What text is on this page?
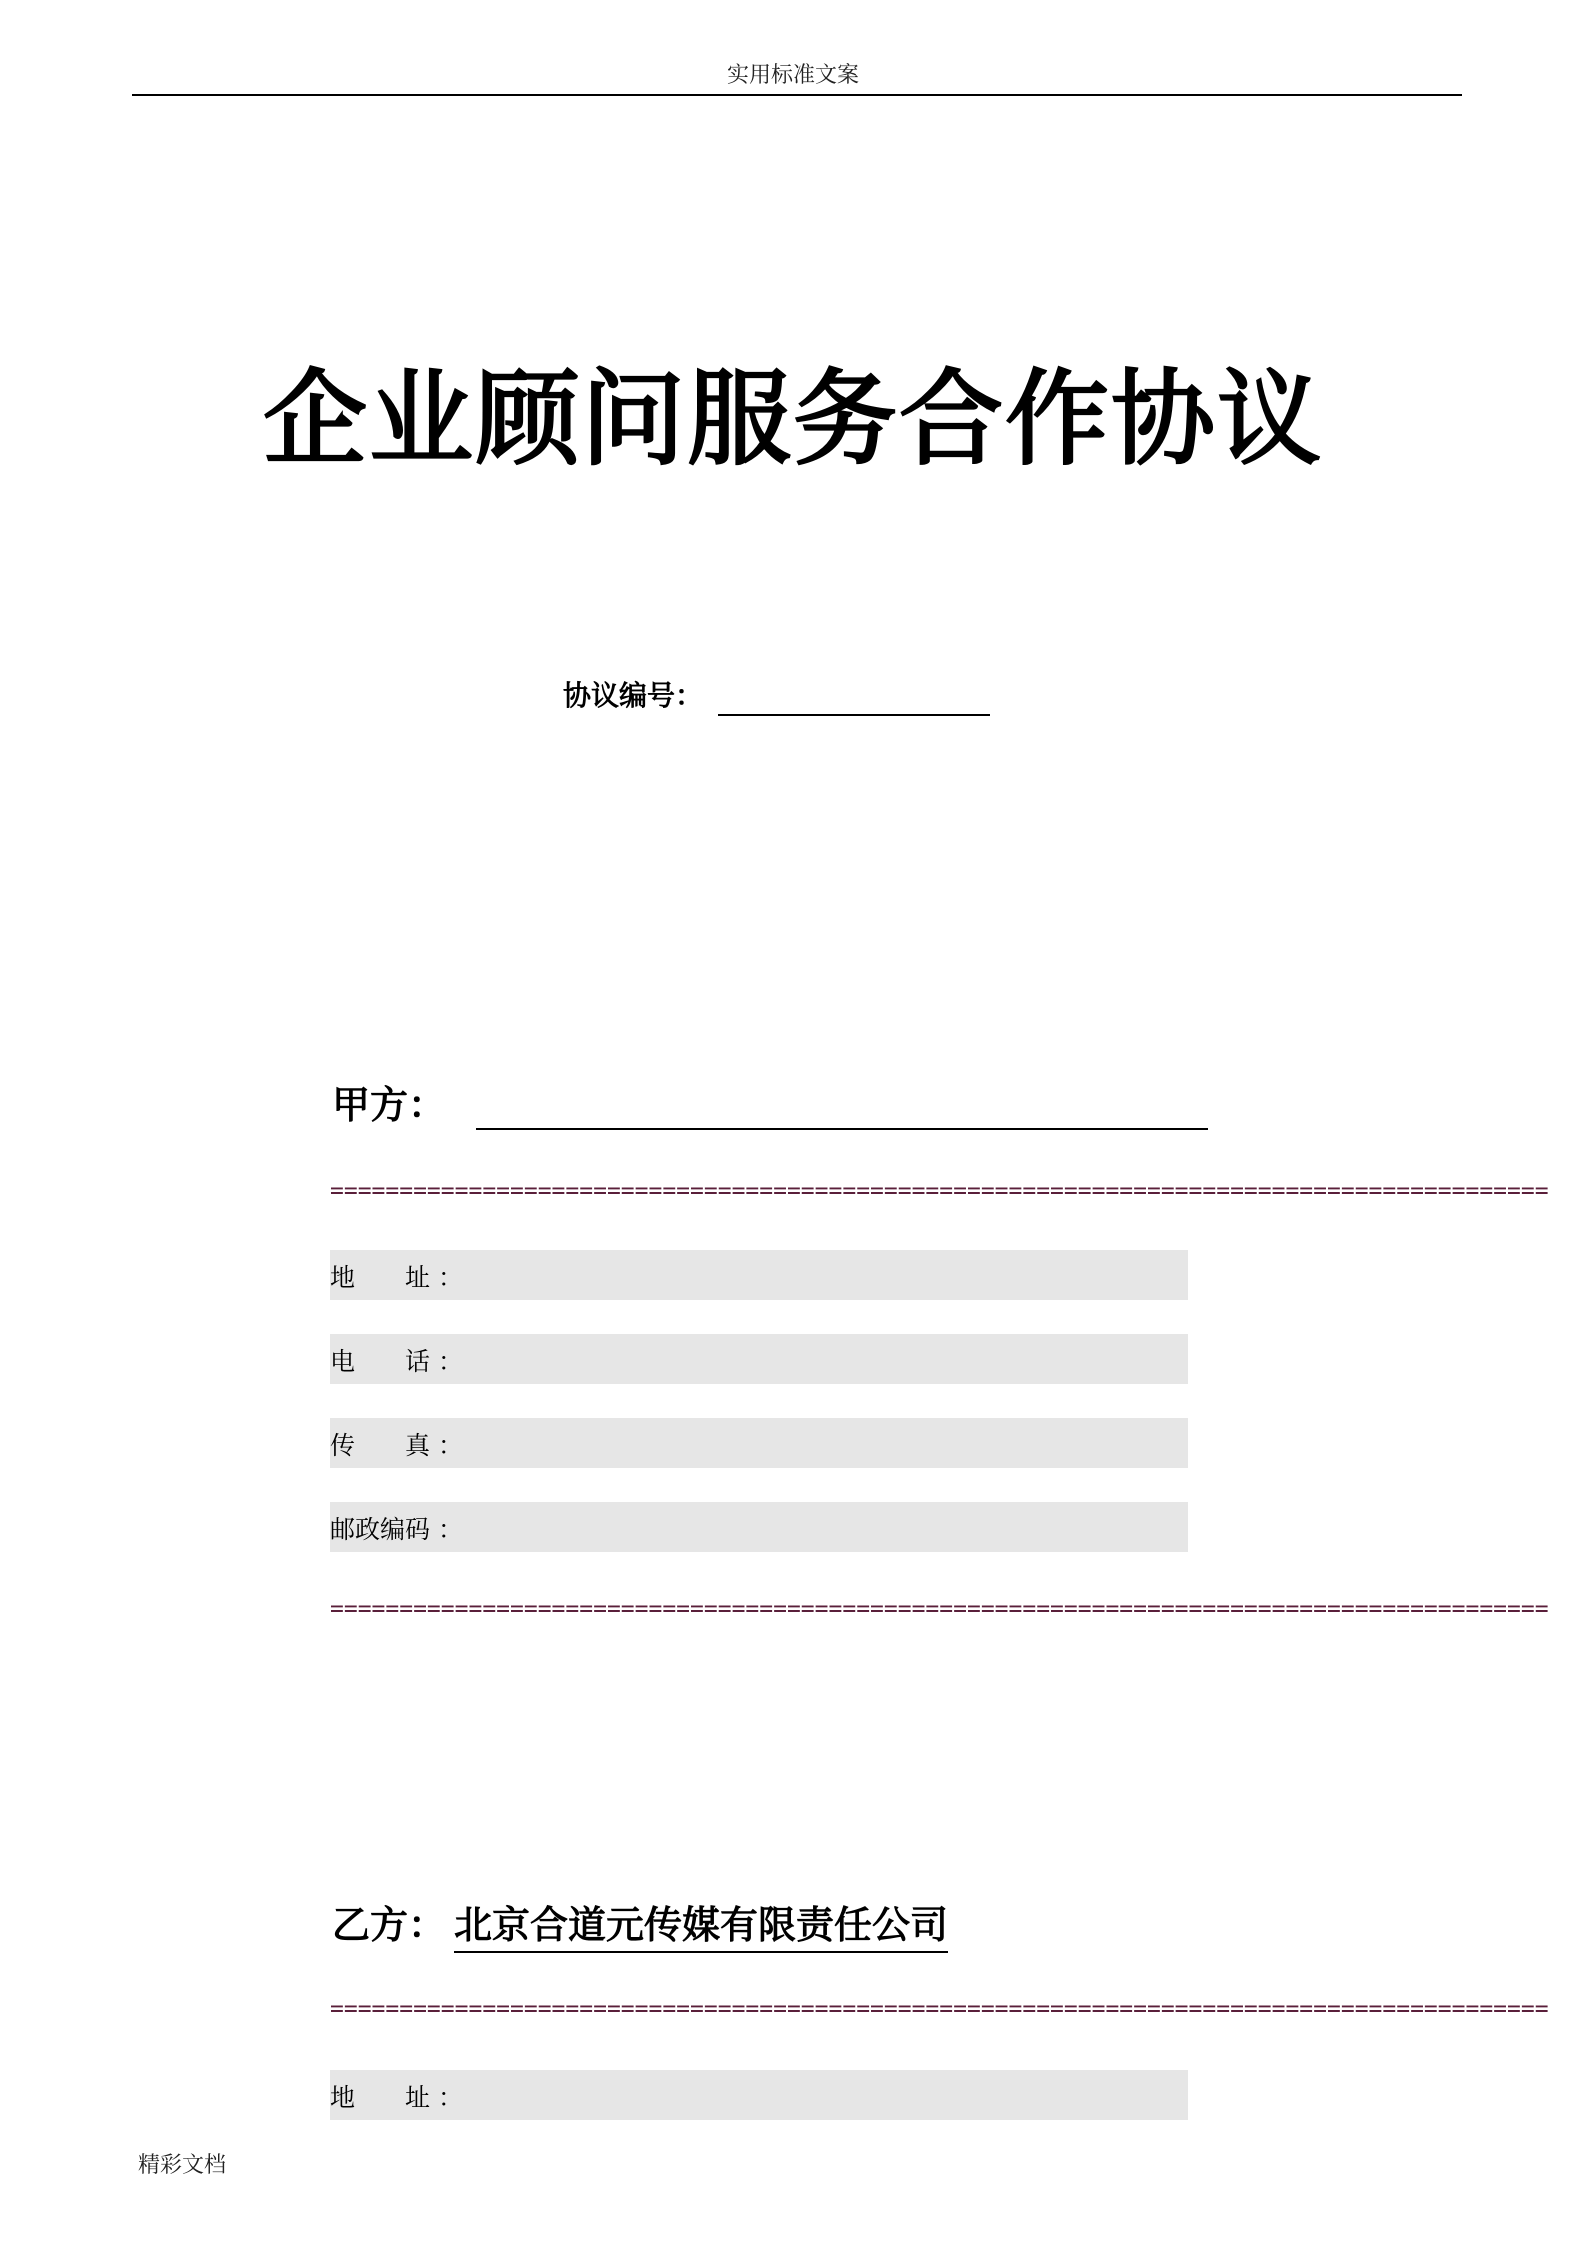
实用标准文案
企业顾问服务合作协议
协议编号：
甲方：
========================================================================================
地　　址 ：
电　　话 ：
传　　真 ：
邮政编码 ：
========================================================================================
乙方： 北京合道元传媒有限责任公司
========================================================================================
地　　址 ：
精彩文档
